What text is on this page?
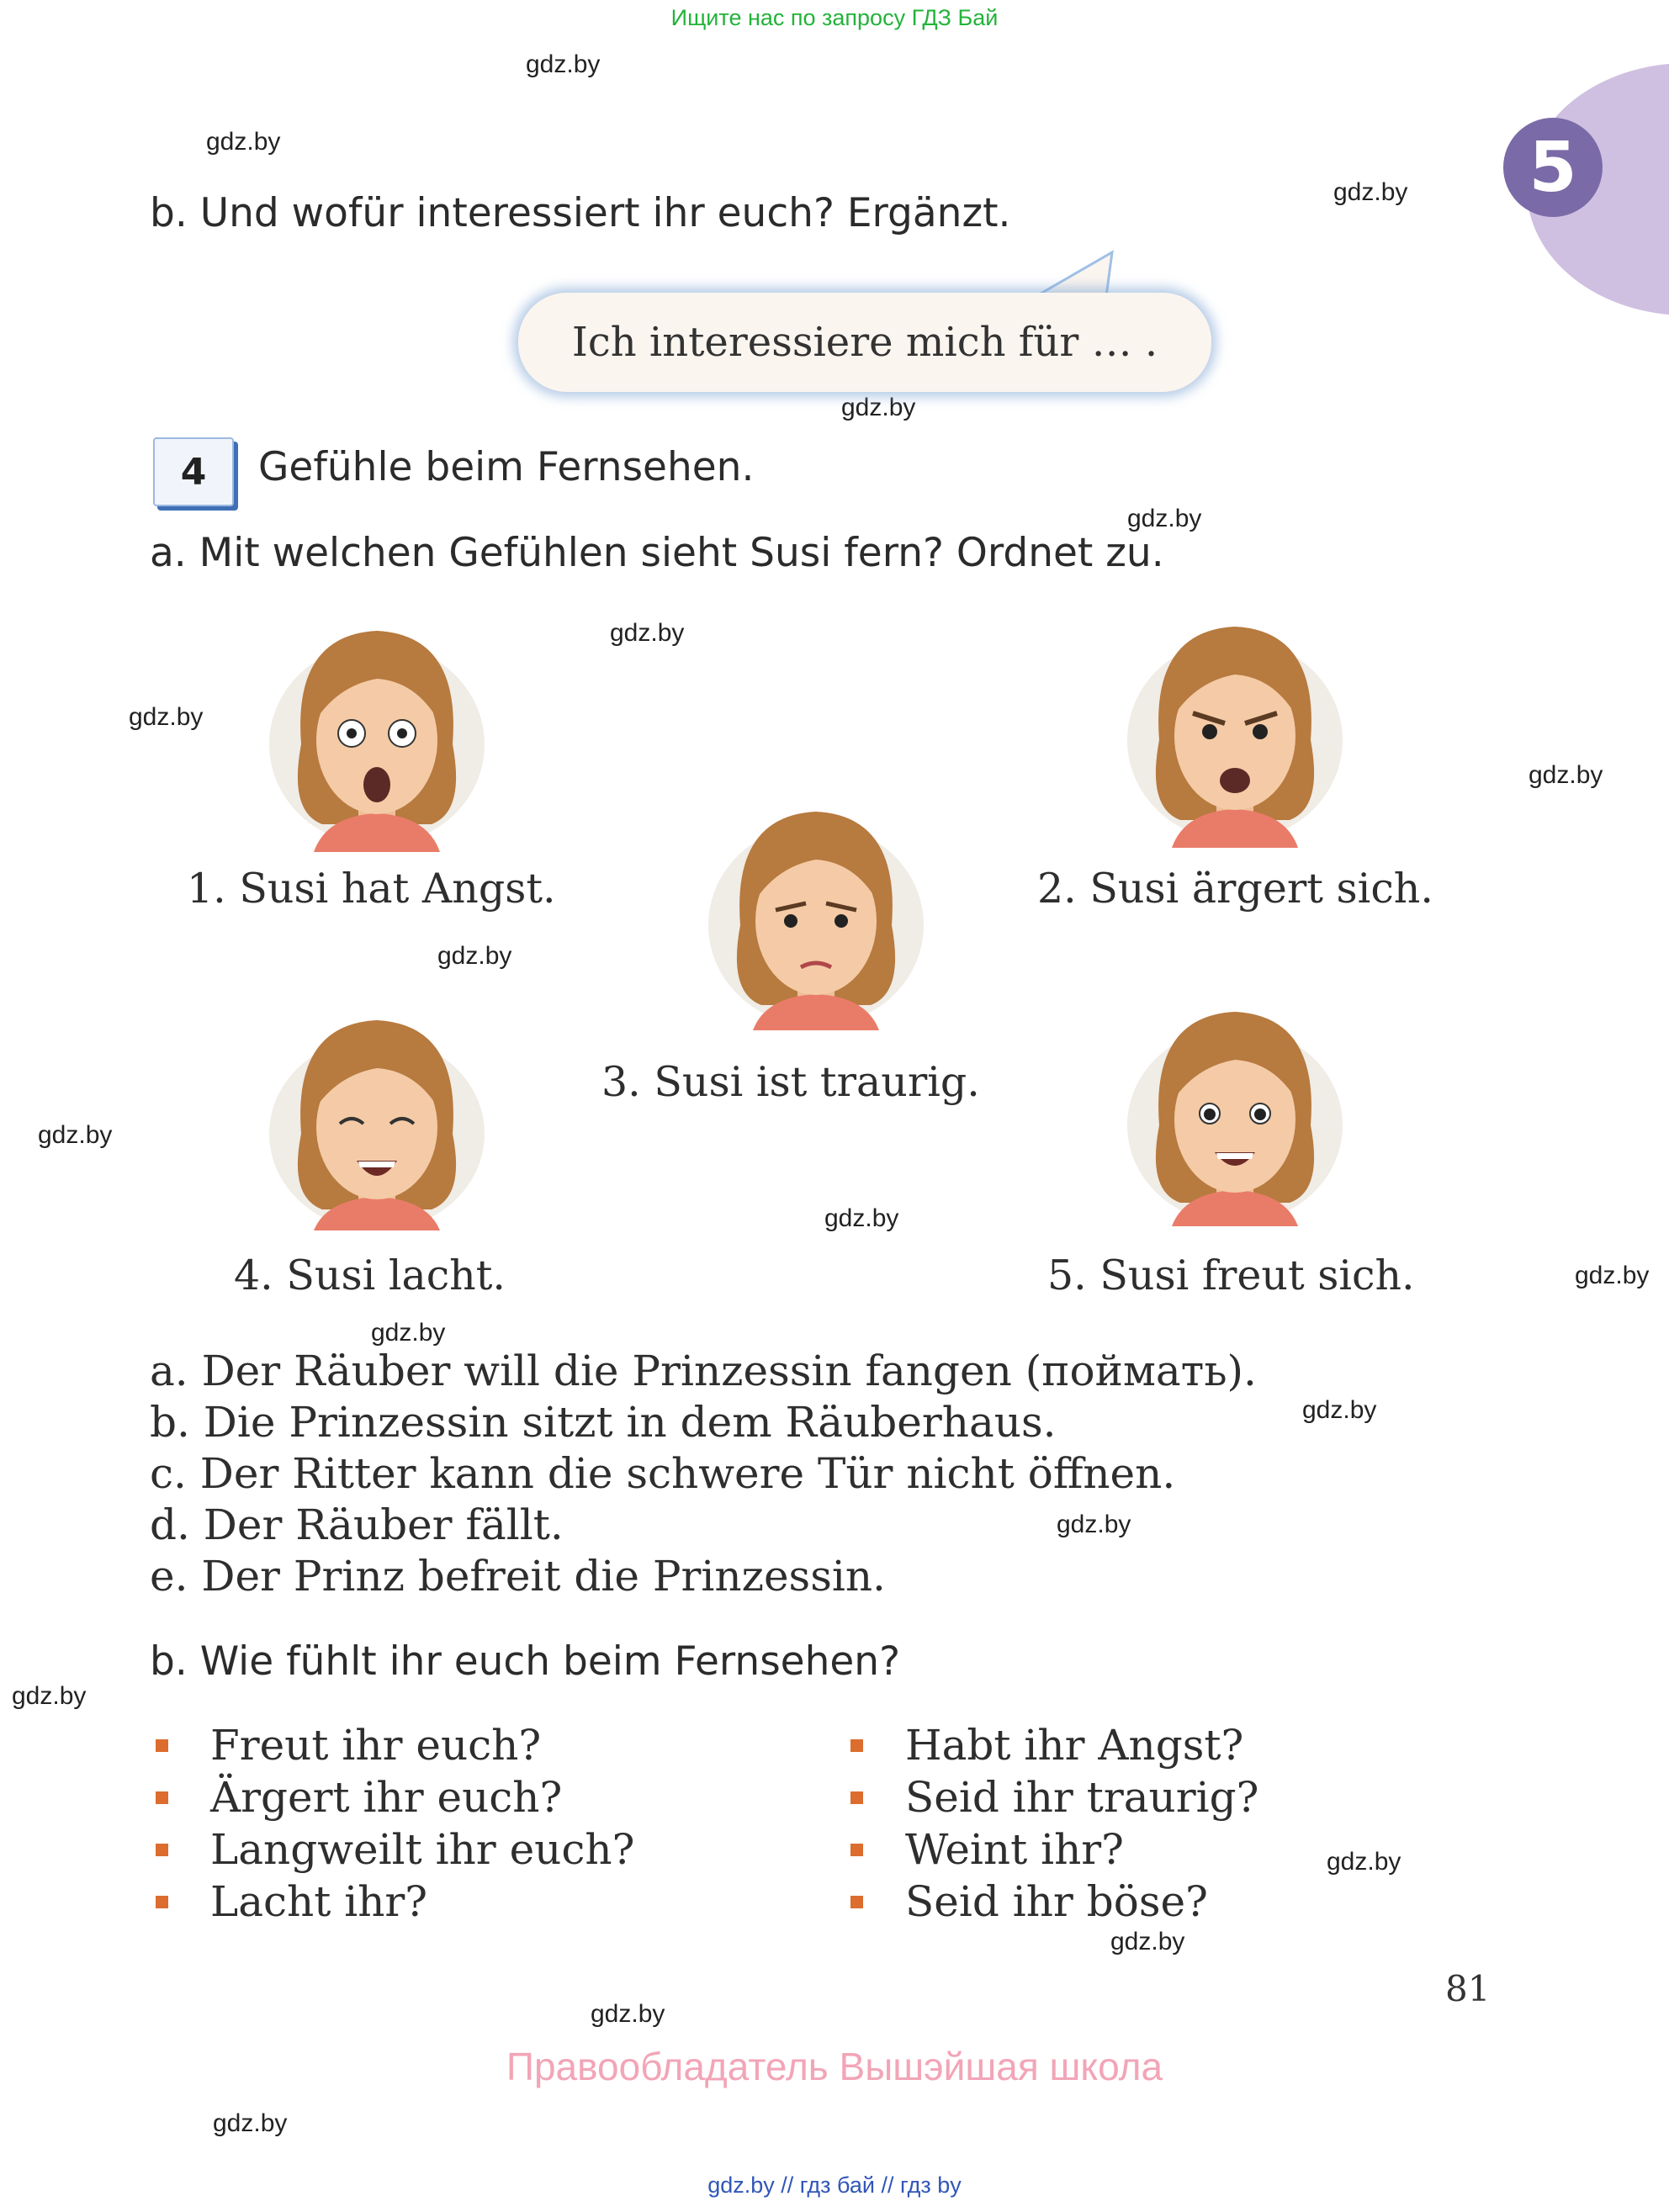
Ищите нас по запросу ГДЗ Бай
5
gdz.by
gdz.by
gdz.by
gdz.by
gdz.by
gdz.by
gdz.by
gdz.by
gdz.by
gdz.by
gdz.by
gdz.by
gdz.by
gdz.by
gdz.by
gdz.by
gdz.by
gdz.by
gdz.by
gdz.by
b. Und wofür interessiert ihr euch? Ergänzt.
Ich interessiere mich für … .
4	Gefühle beim Fernsehen.
a. Mit welchen Gefühlen sieht Susi fern? Ordnet zu.
1. Susi hat Angst.	2. Susi ärgert sich.
3. Susi ist traurig.
4. Susi lacht.	5. Susi freut sich.
a. Der Räuber will die Prinzessin fangen (поймать).
b. Die Prinzessin sitzt in dem Räuberhaus.
c. Der Ritter kann die schwere Tür nicht öffnen.
d. Der Räuber fällt.
e. Der Prinz befreit die Prinzessin.
b. Wie fühlt ihr euch beim Fernsehen?
Freut ihr euch?
Ärgert ihr euch?
Langweilt ihr euch?
Lacht ihr?
Habt ihr Angst?
Seid ihr traurig?
Weint ihr?
Seid ihr böse?
81
Правообладатель Вышэйшая школа
gdz.by // гдз бай // гдз by
